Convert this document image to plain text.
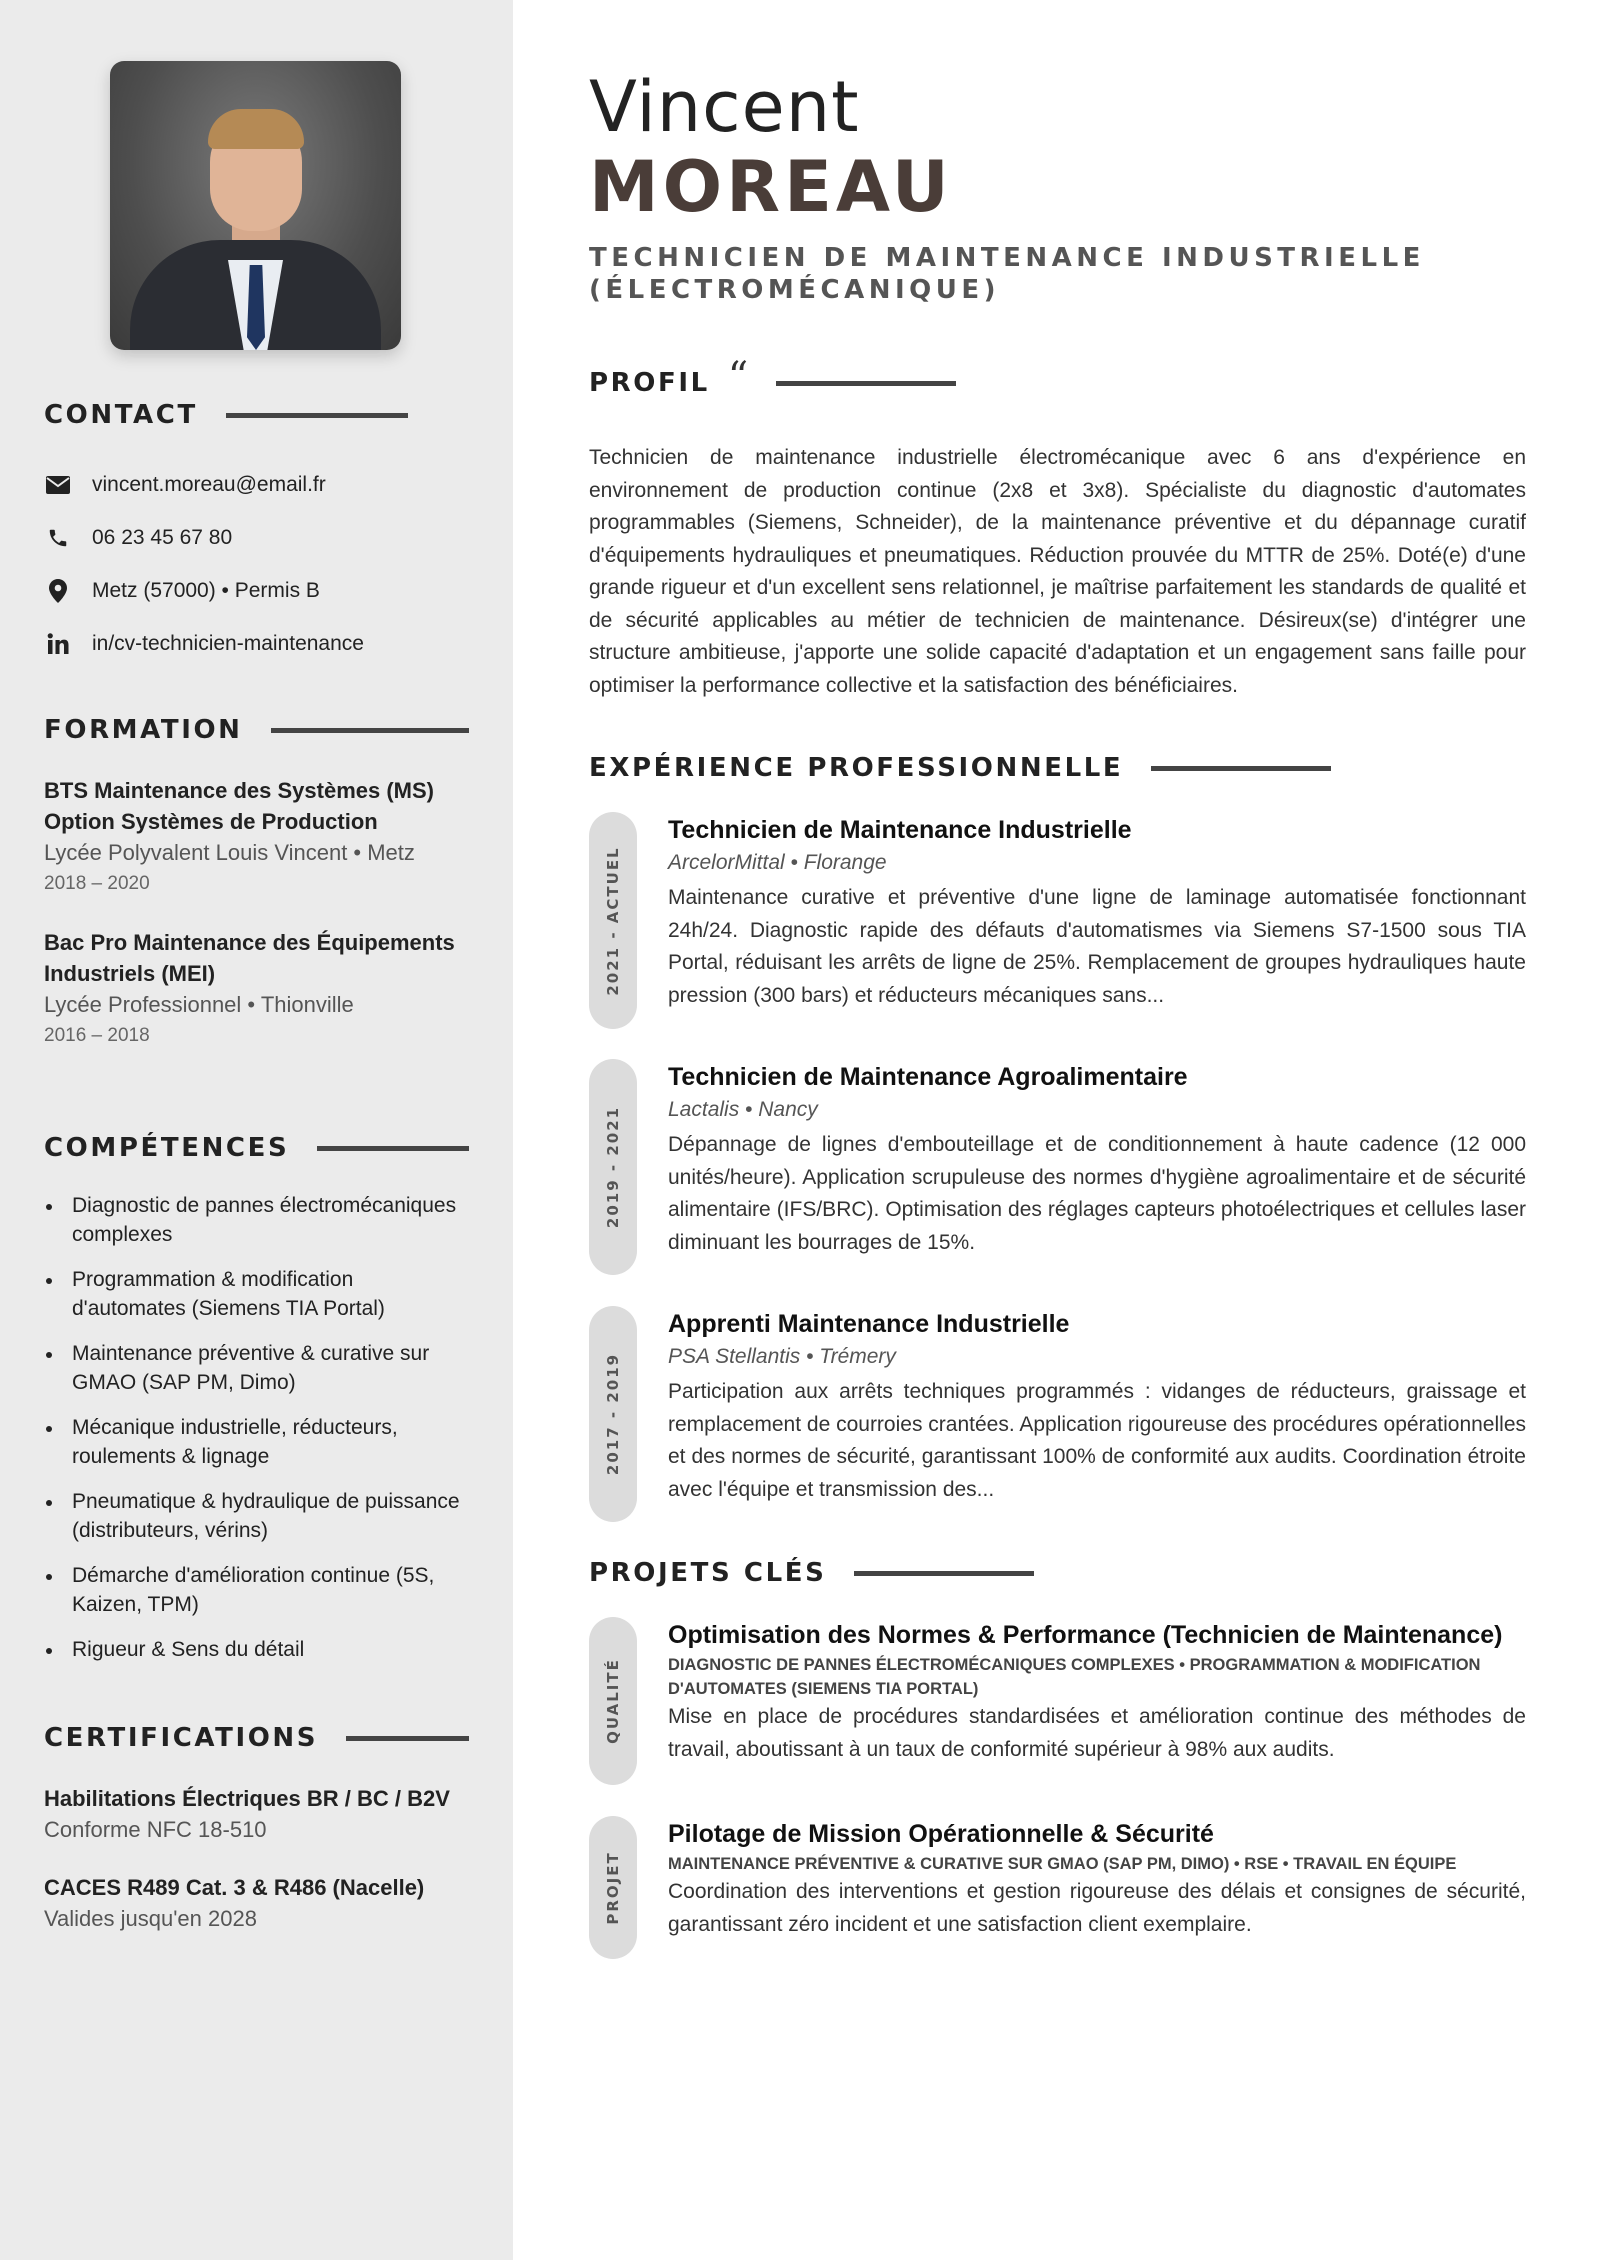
CONTACT
vincent.moreau@email.fr
06 23 45 67 80
Metz (57000) • Permis B
in/cv-technicien-maintenance
FORMATION
BTS Maintenance des Systèmes (MS) Option Systèmes de Production
Lycée Polyvalent Louis Vincent • Metz
2018 – 2020
Bac Pro Maintenance des Équipements Industriels (MEI)
Lycée Professionnel • Thionville
2016 – 2018
COMPÉTENCES
Diagnostic de pannes électromécaniques complexes
Programmation & modification d'automates (Siemens TIA Portal)
Maintenance préventive & curative sur GMAO (SAP PM, Dimo)
Mécanique industrielle, réducteurs, roulements & lignage
Pneumatique & hydraulique de puissance (distributeurs, vérins)
Démarche d'amélioration continue (5S, Kaizen, TPM)
Rigueur & Sens du détail
CERTIFICATIONS
Habilitations Électriques BR / BC / B2V
Conforme NFC 18-510
CACES R489 Cat. 3 & R486 (Nacelle)
Valides jusqu'en 2028
Vincent
MOREAU
TECHNICIEN DE MAINTENANCE INDUSTRIELLE (ÉLECTROMÉCANIQUE)
PROFIL “

Technicien de maintenance industrielle électromécanique avec 6 ans d'expérience en environnement de production continue (2x8 et 3x8). Spécialiste du diagnostic d'automates programmables (Siemens, Schneider), de la maintenance préventive et du dépannage curatif d'équipements hydrauliques et pneumatiques. Réduction prouvée du MTTR de 25%. Doté(e) d'une grande rigueur et d'un excellent sens relationnel, je maîtrise parfaitement les standards de qualité et de sécurité applicables au métier de technicien de maintenance. Désireux(se) d'intégrer une structure ambitieuse, j'apporte une solide capacité d'adaptation et un engagement sans faille pour optimiser la performance collective et la satisfaction des bénéficiaires.

EXPÉRIENCE PROFESSIONNELLE
2021 - ACTUEL
Technicien de Maintenance Industrielle
ArcelorMittal • Florange

Maintenance curative et préventive d'une ligne de laminage automatisée fonctionnant 24h/24. Diagnostic rapide des défauts d'automatismes via Siemens S7-1500 sous TIA Portal, réduisant les arrêts de ligne de 25%. Remplacement de groupes hydrauliques haute pression (300 bars) et réducteurs mécaniques sans...

2019 - 2021
Technicien de Maintenance Agroalimentaire
Lactalis • Nancy

Dépannage de lignes d'embouteillage et de conditionnement à haute cadence (12 000 unités/heure). Application scrupuleuse des normes d'hygiène agroalimentaire et de sécurité alimentaire (IFS/BRC). Optimisation des réglages capteurs photoélectriques et cellules laser diminuant les bourrages de 15%.

2017 - 2019
Apprenti Maintenance Industrielle
PSA Stellantis • Trémery

Participation aux arrêts techniques programmés : vidanges de réducteurs, graissage et remplacement de courroies crantées. Application rigoureuse des procédures opérationnelles et des normes de sécurité, garantissant 100% de conformité aux audits. Coordination étroite avec l'équipe et transmission des...

PROJETS CLÉS
QUALITÉ
Optimisation des Normes & Performance (Technicien de Maintenance)
DIAGNOSTIC DE PANNES ÉLECTROMÉCANIQUES COMPLEXES • PROGRAMMATION & MODIFICATION D'AUTOMATES (SIEMENS TIA PORTAL)

Mise en place de procédures standardisées et amélioration continue des méthodes de travail, aboutissant à un taux de conformité supérieur à 98% aux audits.

PROJET
Pilotage de Mission Opérationnelle & Sécurité
MAINTENANCE PRÉVENTIVE & CURATIVE SUR GMAO (SAP PM, DIMO) • RSE • TRAVAIL EN ÉQUIPE

Coordination des interventions et gestion rigoureuse des délais et consignes de sécurité, garantissant zéro incident et une satisfaction client exemplaire.
